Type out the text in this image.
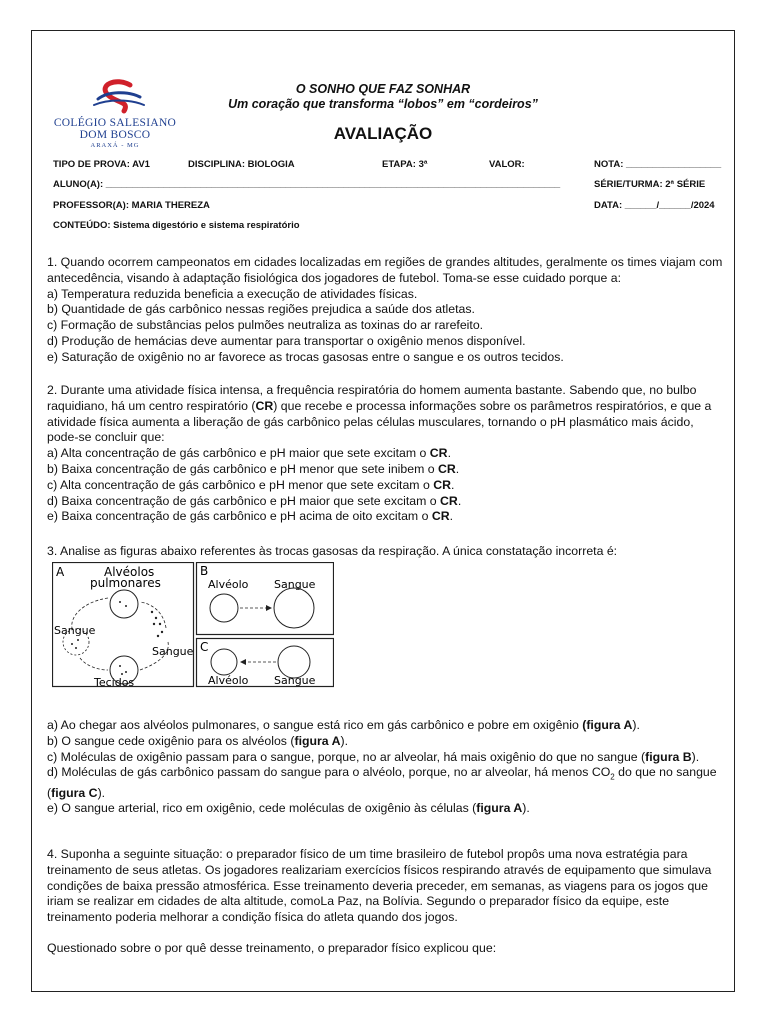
COLÉGIO SALESIANO
DOM BOSCO
ARAXÁ - MG
O SONHO QUE FAZ SONHAR
Um coração que transforma “lobos” em “cordeiros”
AVALIAÇÃO
TIPO DE PROVA: AV1	DISCIPLINA: BIOLOGIA	ETAPA: 3ª	VALOR:	NOTA: __________________
ALUNO(A): ______________________________________________________________________________________	SÉRIE/TURMA: 2ª SÉRIE
PROFESSOR(A): MARIA THEREZA	DATA: ______/______/2024
CONTEÚDO: Sistema digestório e sistema respiratório

1. Quando ocorrem campeonatos em cidades localizadas em regiões de grandes altitudes, geralmente os times viajam com antecedência, visando à adaptação fisiológica dos jogadores de futebol. Toma-se esse cuidado porque a:

a) Temperatura reduzida beneficia a execução de atividades físicas.

b) Quantidade de gás carbônico nessas regiões prejudica a saúde dos atletas.

c) Formação de substâncias pelos pulmões neutraliza as toxinas do ar rarefeito.

d) Produção de hemácias deve aumentar para transportar o oxigênio menos disponível.

e) Saturação de oxigênio no ar favorece as trocas gasosas entre o sangue e os outros tecidos.

2. Durante uma atividade física intensa, a frequência respiratória do homem aumenta bastante. Sabendo que, no bulbo raquidiano, há um centro respiratório (CR) que recebe e processa informações sobre os parâmetros respiratórios, e que a atividade física aumenta a liberação de gás carbônico pelas células musculares, tornando o pH plasmático mais ácido, pode-se concluir que:

a) Alta concentração de gás carbônico e pH maior que sete excitam o CR.

b) Baixa concentração de gás carbônico e pH menor que sete inibem o CR.

c) Alta concentração de gás carbônico e pH menor que sete excitam o CR.

d) Baixa concentração de gás carbônico e pH maior que sete excitam o CR.

e) Baixa concentração de gás carbônico e pH acima de oito excitam o CR.

3. Analise as figuras abaixo referentes às trocas gasosas da respiração. A única constatação incorreta é:

A	Alvéolos
pulmonares
Sangue
Sangue
Tecidos
B
Alvéolo Sangue
C
Alvéolo Sangue

a) Ao chegar aos alvéolos pulmonares, o sangue está rico em gás carbônico e pobre em oxigênio (figura A).

b) O sangue cede oxigênio para os alvéolos (figura A).

c) Moléculas de oxigênio passam para o sangue, porque, no ar alveolar, há mais oxigênio do que no sangue (figura B).

d) Moléculas de gás carbônico passam do sangue para o alvéolo, porque, no ar alveolar, há menos $CO_2$ do que no sangue (figura C).

e) O sangue arterial, rico em oxigênio, cede moléculas de oxigênio às células (figura A).

4. Suponha a seguinte situação: o preparador físico de um time brasileiro de futebol propôs uma nova estratégia para treinamento de seus atletas. Os jogadores realizariam exercícios físicos respirando através de equipamento que simulava condições de baixa pressão atmosférica. Esse treinamento deveria preceder, em semanas, as viagens para os jogos que iriam se realizar em cidades de alta altitude, comoLa Paz, na Bolívia. Segundo o preparador físico da equipe, este treinamento poderia melhorar a condição física do atleta quando dos jogos.

Questionado sobre o por quê desse treinamento, o preparador físico explicou que:
